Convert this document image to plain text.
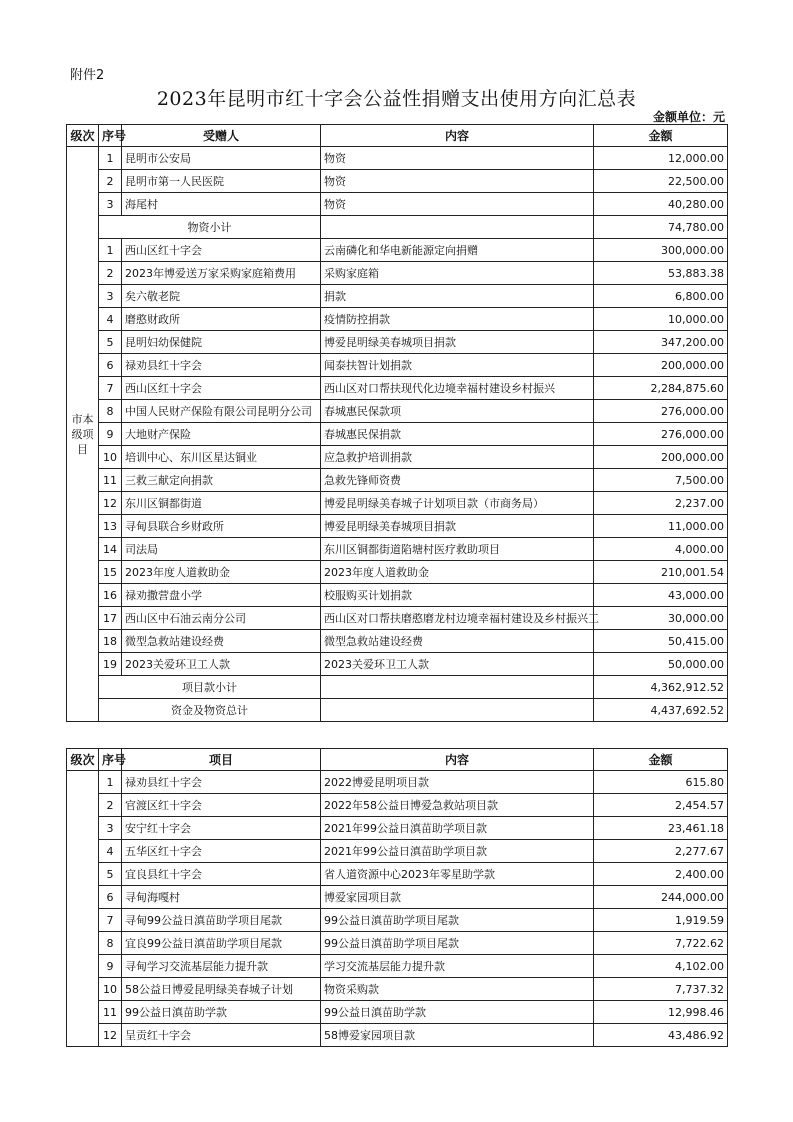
附件2
2023年昆明市红十字会公益性捐赠支出使用方向汇总表
金额单位：元
级次	序号	受赠人	内容	金额
市本级项目	1	昆明市公安局	物资	12,000.00
	2	昆明市第一人民医院	物资	22,500.00
	3	海尾村	物资	40,280.00
	物资小计			74,780.00
	1	西山区红十字会	云南磷化和华电新能源定向捐赠	300,000.00
	2	2023年博爱送万家采购家庭箱费用	采购家庭箱	53,883.38
	3	矣六敬老院	捐款	6,800.00
	4	磨憨财政所	疫情防控捐款	10,000.00
	5	昆明妇幼保健院	博爱昆明绿美春城项目捐款	347,200.00
	6	禄劝县红十字会	闻泰扶智计划捐款	200,000.00
	7	西山区红十字会	西山区对口帮扶现代化边境幸福村建设乡村振兴	2,284,875.60
	8	中国人民财产保险有限公司昆明分公司	春城惠民保款项	276,000.00
	9	大地财产保险	春城惠民保捐款	276,000.00
	10	培训中心、东川区星达铜业	应急救护培训捐款	200,000.00
	11	三救三献定向捐款	急救先锋师资费	7,500.00
	12	东川区铜都街道	博爱昆明绿美春城子计划项目款（市商务局）	2,237.00
	13	寻甸县联合乡财政所	博爱昆明绿美春城项目捐款	11,000.00
	14	司法局	东川区铜都街道陷塘村医疗救助项目	4,000.00
	15	2023年度人道救助金	2023年度人道救助金	210,001.54
	16	禄劝撒营盘小学	校服购买计划捐款	43,000.00
	17	西山区中石油云南分公司	西山区对口帮扶磨憨磨龙村边境幸福村建设及乡村振兴工	30,000.00
	18	微型急救站建设经费	微型急救站建设经费	50,415.00
	19	2023关爱环卫工人款	2023关爱环卫工人款	50,000.00
	项目款小计			4,362,912.52
	资金及物资总计			4,437,692.52
级次	序号	项目	内容	金额
	1	禄劝县红十字会	2022博爱昆明项目款	615.80
	2	官渡区红十字会	2022年58公益日博爱急救站项目款	2,454.57
	3	安宁红十字会	2021年99公益日滇苗助学项目款	23,461.18
	4	五华区红十字会	2021年99公益日滇苗助学项目款	2,277.67
	5	宜良县红十字会	省人道资源中心2023年零星助学款	2,400.00
	6	寻甸海嘎村	博爱家园项目款	244,000.00
	7	寻甸99公益日滇苗助学项目尾款	99公益日滇苗助学项目尾款	1,919.59
	8	宜良99公益日滇苗助学项目尾款	99公益日滇苗助学项目尾款	7,722.62
	9	寻甸学习交流基层能力提升款	学习交流基层能力提升款	4,102.00
	10	58公益日博爱昆明绿美春城子计划	物资采购款	7,737.32
	11	99公益日滇苗助学款	99公益日滇苗助学款	12,998.46
	12	呈贡红十字会	58博爱家园项目款	43,486.92
